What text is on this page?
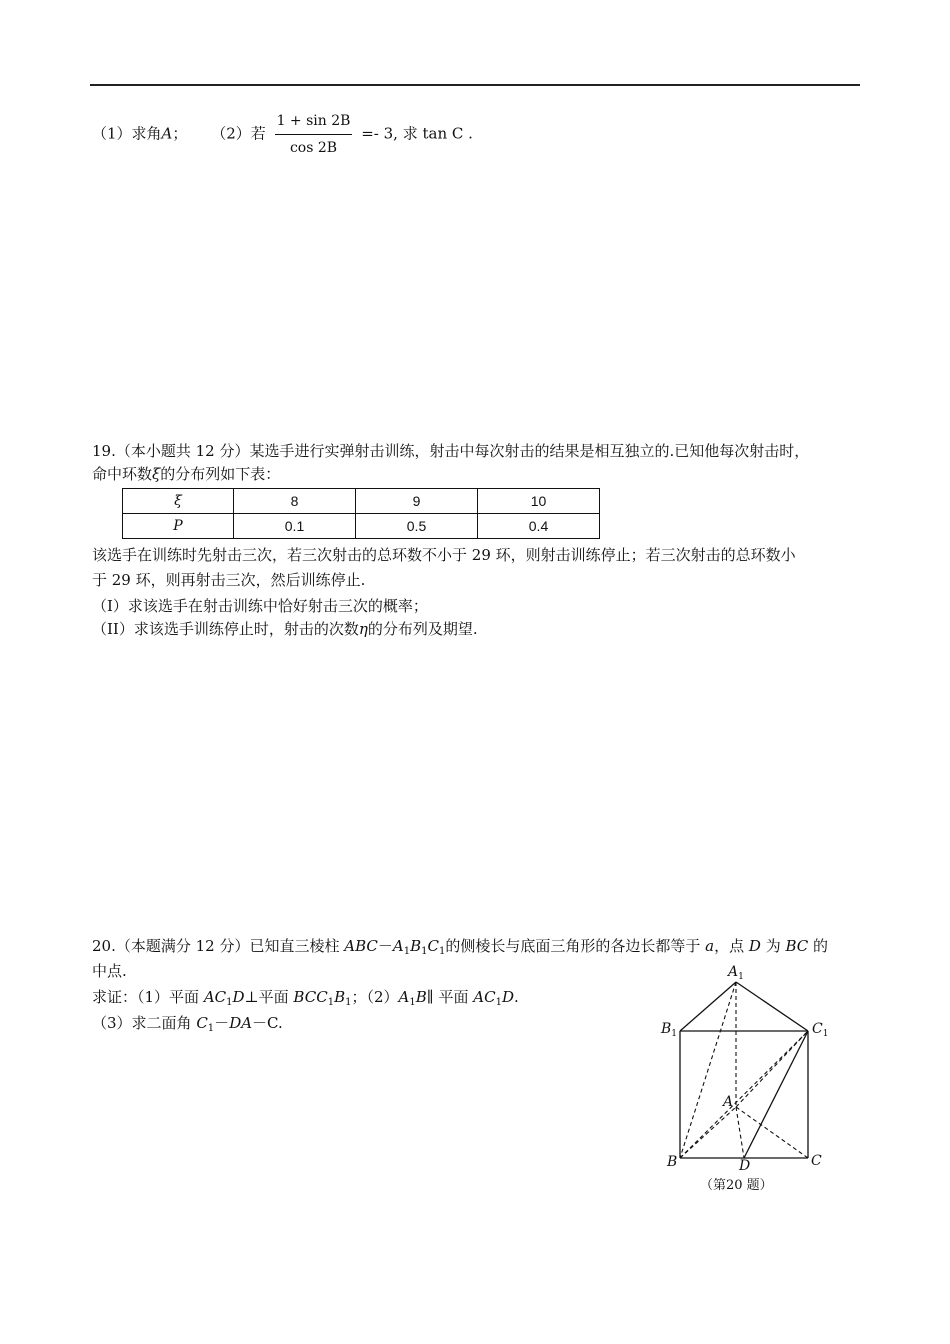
（1）求角A； （2）若 $\frac{1 + \sin 2B}{\cos 2B} =- 3$, 求 tan C .
19.（本小题共 12 分）某选手进行实弹射击训练，射击中每次射击的结果是相互独立的.已知他每次射击时，
命中环数ξ的分布列如下表：
ξ	8	9	10
P	0.1	0.5	0.4
该选手在训练时先射击三次，若三次射击的总环数不小于 29 环，则射击训练停止；若三次射击的总环数小
于 29 环，则再射击三次，然后训练停止.
（I）求该选手在射击训练中恰好射击三次的概率；
（II）求该选手训练停止时，射击的次数η的分布列及期望.
20.（本题满分 12 分）已知直三棱柱 $ABC-A_1B_1C_1$的侧棱长与底面三角形的各边长都等于 a，点 D 为 BC 的
中点.
求证：（1）平面 $AC_1D\perp$平面 $BCC_1B_1$；$(2)A_1B\parallel$ 平面 $AC_1D$.
（3）求二面角 $C_1-DA-C$.
$A_1$
$B_1$	$C_1$
A
B	D	C
（第20 题）
